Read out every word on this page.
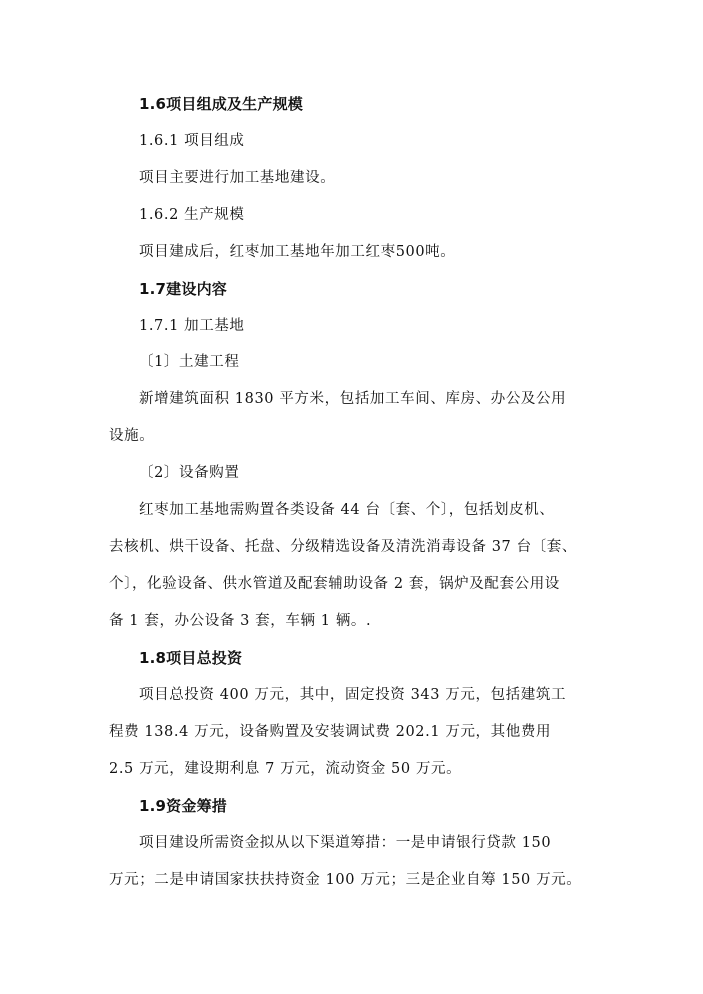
1.6项目组成及生产规模
1.6.1 项目组成
项目主要进行加工基地建设。
1.6.2 生产规模
项目建成后，红枣加工基地年加工红枣500吨。
1.7建设内容
1.7.1 加工基地
〔1〕土建工程
新增建筑面积 1830 平方米，包括加工车间、库房、办公及公用
设施。
〔2〕设备购置
红枣加工基地需购置各类设备 44 台〔套、个〕，包括划皮机、
去核机、烘干设备、托盘、分级精选设备及清洗消毒设备 37 台〔套、
个〕，化验设备、供水管道及配套辅助设备 2 套，锅炉及配套公用设
备 1 套，办公设备 3 套，车辆 1 辆。.
1.8项目总投资
项目总投资 400 万元，其中，固定投资 343 万元，包括建筑工
程费 138.4 万元，设备购置及安装调试费 202.1 万元，其他费用
2.5 万元，建设期利息 7 万元，流动资金 50 万元。
1.9资金筹措
项目建设所需资金拟从以下渠道筹措：一是申请银行贷款 150
万元；二是申请国家扶扶持资金 100 万元；三是企业自筹 150 万元。
